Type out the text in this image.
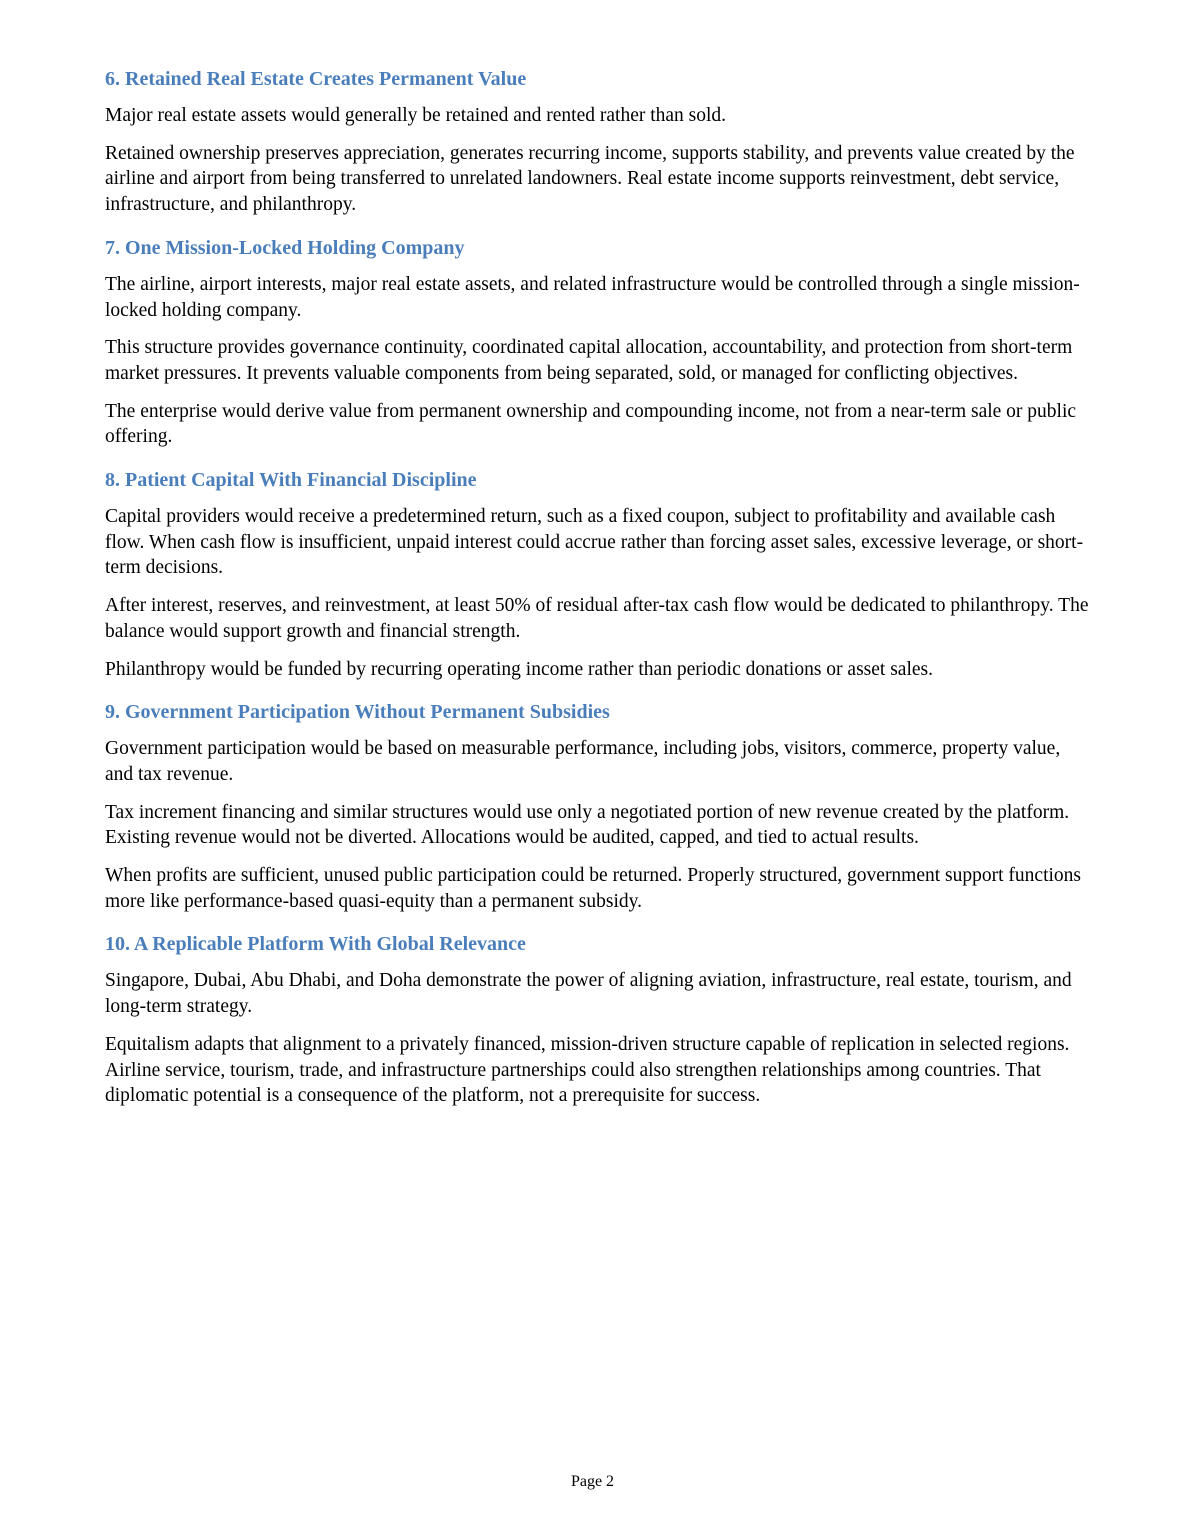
6. Retained Real Estate Creates Permanent Value

Major real estate assets would generally be retained and rented rather than sold.

Retained ownership preserves appreciation, generates recurring income, supports stability, and prevents value created by the airline and airport from being transferred to unrelated landowners. Real estate income supports reinvestment, debt service, infrastructure, and philanthropy.

7. One Mission-Locked Holding Company

The airline, airport interests, major real estate assets, and related infrastructure would be controlled through a single mission-locked holding company.

This structure provides governance continuity, coordinated capital allocation, accountability, and protection from short-term market pressures. It prevents valuable components from being separated, sold, or managed for conflicting objectives.

The enterprise would derive value from permanent ownership and compounding income, not from a near-term sale or public offering.

8. Patient Capital With Financial Discipline

Capital providers would receive a predetermined return, such as a fixed coupon, subject to profitability and available cash flow. When cash flow is insufficient, unpaid interest could accrue rather than forcing asset sales, excessive leverage, or short-term decisions.

After interest, reserves, and reinvestment, at least 50% of residual after-tax cash flow would be dedicated to philanthropy. The balance would support growth and financial strength.

Philanthropy would be funded by recurring operating income rather than periodic donations or asset sales.

9. Government Participation Without Permanent Subsidies

Government participation would be based on measurable performance, including jobs, visitors, commerce, property value, and tax revenue.

Tax increment financing and similar structures would use only a negotiated portion of new revenue created by the platform. Existing revenue would not be diverted. Allocations would be audited, capped, and tied to actual results.

When profits are sufficient, unused public participation could be returned. Properly structured, government support functions more like performance-based quasi-equity than a permanent subsidy.

10. A Replicable Platform With Global Relevance

Singapore, Dubai, Abu Dhabi, and Doha demonstrate the power of aligning aviation, infrastructure, real estate, tourism, and long-term strategy.

Equitalism adapts that alignment to a privately financed, mission-driven structure capable of replication in selected regions. Airline service, tourism, trade, and infrastructure partnerships could also strengthen relationships among countries. That diplomatic potential is a consequence of the platform, not a prerequisite for success.

Page 2
